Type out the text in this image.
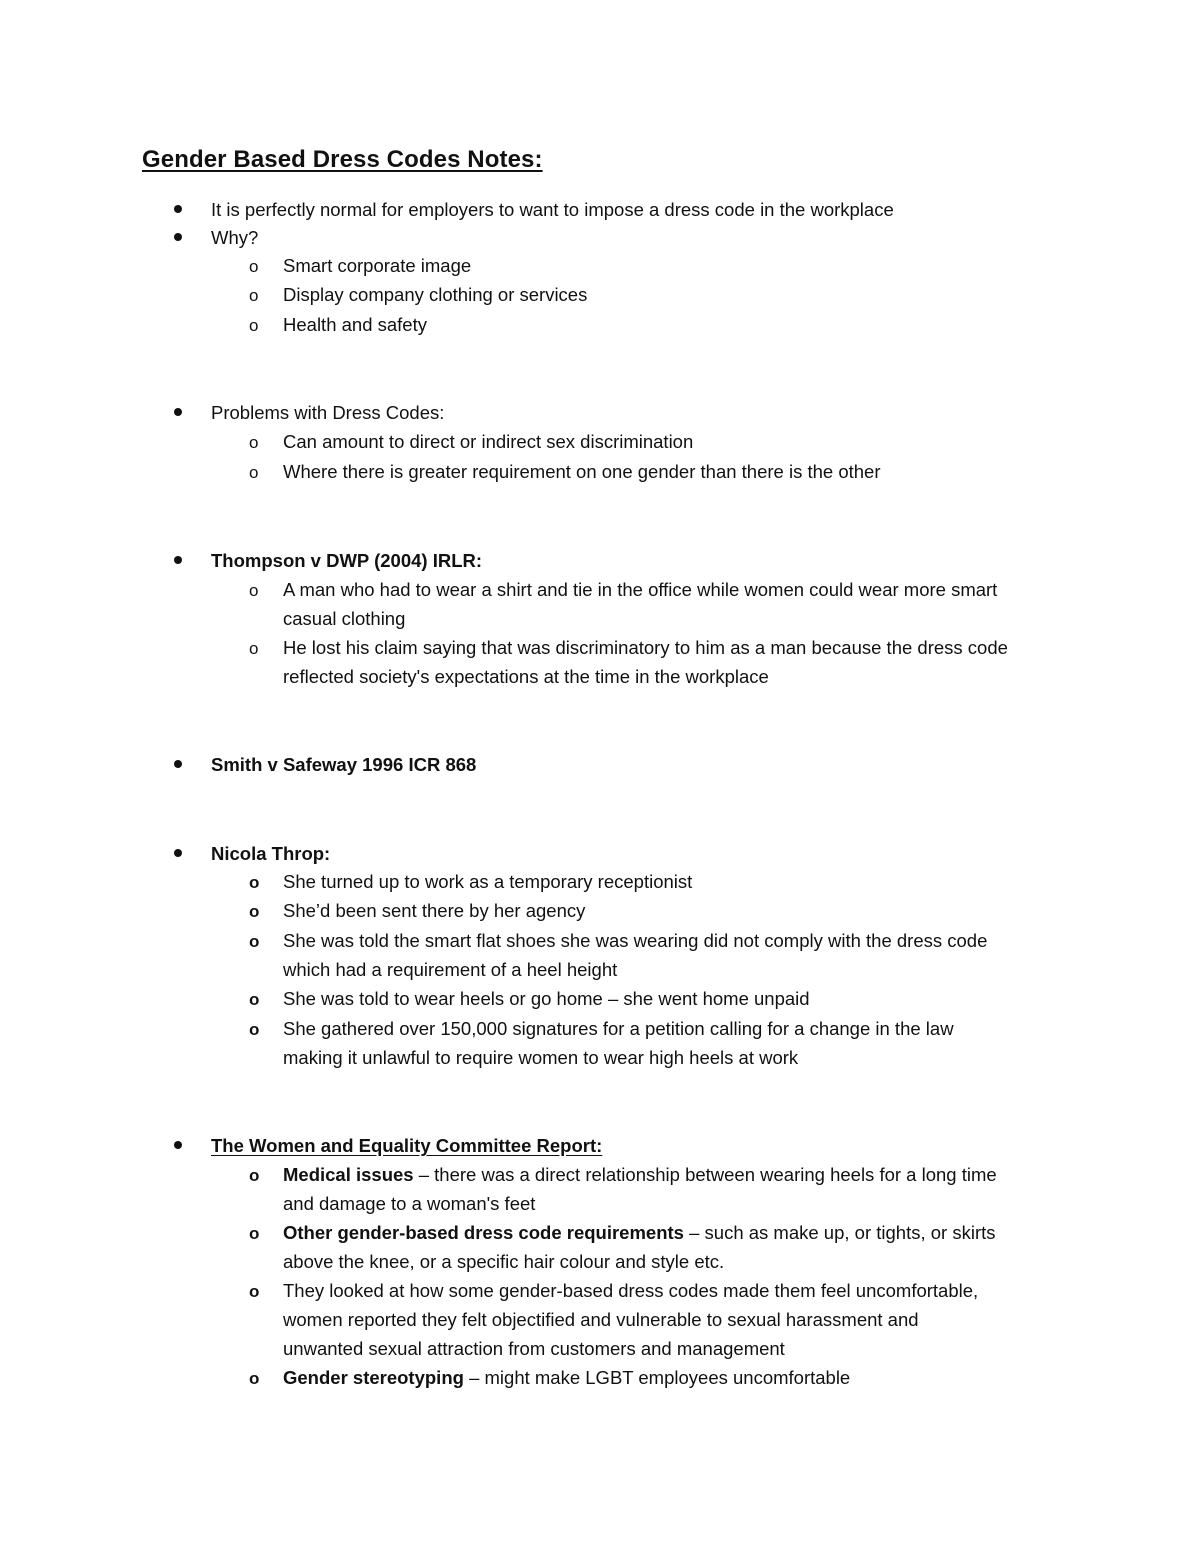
Gender Based Dress Codes Notes:
It is perfectly normal for employers to want to impose a dress code in the workplace
Why?
o Smart corporate image
o Display company clothing or services
o Health and safety
Problems with Dress Codes:
o Can amount to direct or indirect sex discrimination
o Where there is greater requirement on one gender than there is the other
Thompson v DWP (2004) IRLR:
o A man who had to wear a shirt and tie in the office while women could wear more smart
casual clothing
o He lost his claim saying that was discriminatory to him as a man because the dress code
reflected society's expectations at the time in the workplace
Smith v Safeway 1996 ICR 868
Nicola Throp:
o She turned up to work as a temporary receptionist
o She’d been sent there by her agency
o She was told the smart flat shoes she was wearing did not comply with the dress code
which had a requirement of a heel height
o She was told to wear heels or go home – she went home unpaid
o She gathered over 150,000 signatures for a petition calling for a change in the law
making it unlawful to require women to wear high heels at work
The Women and Equality Committee Report:
o Medical issues – there was a direct relationship between wearing heels for a long time
and damage to a woman's feet
o Other gender-based dress code requirements – such as make up, or tights, or skirts
above the knee, or a specific hair colour and style etc.
o They looked at how some gender-based dress codes made them feel uncomfortable,
women reported they felt objectified and vulnerable to sexual harassment and
unwanted sexual attraction from customers and management
o Gender stereotyping – might make LGBT employees uncomfortable
